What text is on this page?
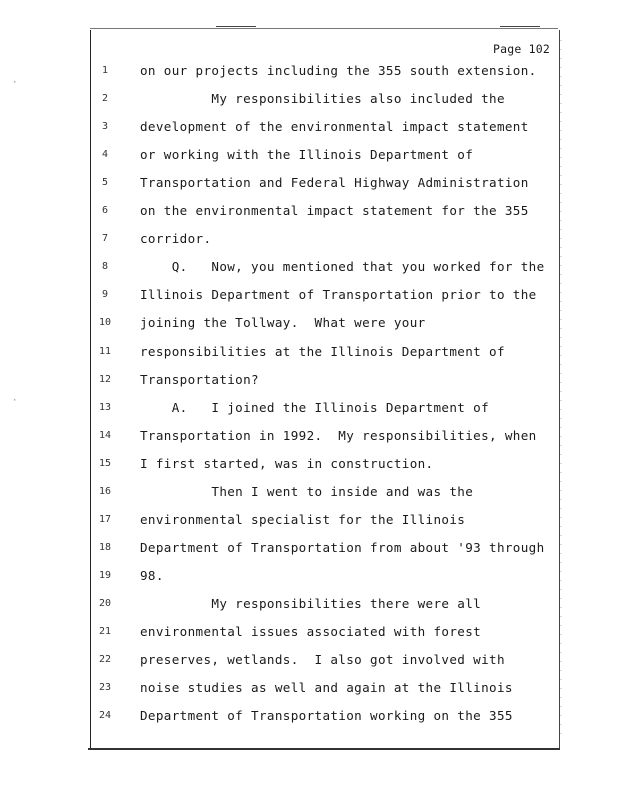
·
·
Page 102
1	on our projects including the 355 south extension.
2	My responsibilities also included the
3	development of the environmental impact statement
4	or working with the Illinois Department of
5	Transportation and Federal Highway Administration
6	on the environmental impact statement for the 355
7	corridor.
8	Q.   Now, you mentioned that you worked for the
9	Illinois Department of Transportation prior to the
10	joining the Tollway.  What were your
11	responsibilities at the Illinois Department of
12	Transportation?
13	A.   I joined the Illinois Department of
14	Transportation in 1992.  My responsibilities, when
15	I first started, was in construction.
16	Then I went to inside and was the
17	environmental specialist for the Illinois
18	Department of Transportation from about '93 through
19	98.
20	My responsibilities there were all
21	environmental issues associated with forest
22	preserves, wetlands.  I also got involved with
23	noise studies as well and again at the Illinois
24	Department of Transportation working on the 355
